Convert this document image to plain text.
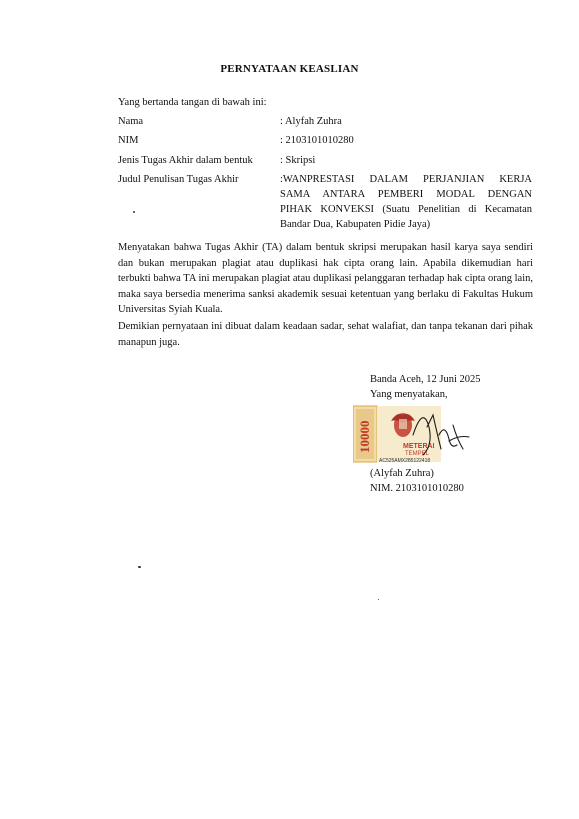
PERNYATAAN KEASLIAN
Yang bertanda tangan di bawah ini:
Nama
NIM
Jenis Tugas Akhir dalam bentuk
Judul Penulisan Tugas Akhir
: Alyfah Zuhra
: 2103101010280
: Skripsi
:WANPRESTASI DALAM PERJANJIAN KERJA
SAMA ANTARA PEMBERI MODAL DENGAN
PIHAK KONVEKSI (Suatu Penelitian di Kecamatan
Bandar Dua, Kabupaten Pidie Jaya)
Menyatakan bahwa Tugas Akhir (TA) dalam bentuk skripsi merupakan hasil karya saya sendiri dan bukan merupakan plagiat atau duplikasi hak cipta orang lain. Apabila dikemudian hari terbukti bahwa TA ini merupakan plagiat atau duplikasi pelanggaran terhadap hak cipta orang lain, maka saya bersedia menerima sanksi akademik sesuai ketentuan yang berlaku di Fakultas Hukum Universitas Syiah Kuala.
Demikian pernyataan ini dibuat dalam keadaan sadar, sehat walafiat, dan tanpa tekanan dari pihak manapun juga.
Banda Aceh, 12 Juni 2025
Yang menyatakan,
10000	METERAI
TEMPEL
AC525AMX285122418
(Alyfah Zuhra)
NIM. 2103101010280
